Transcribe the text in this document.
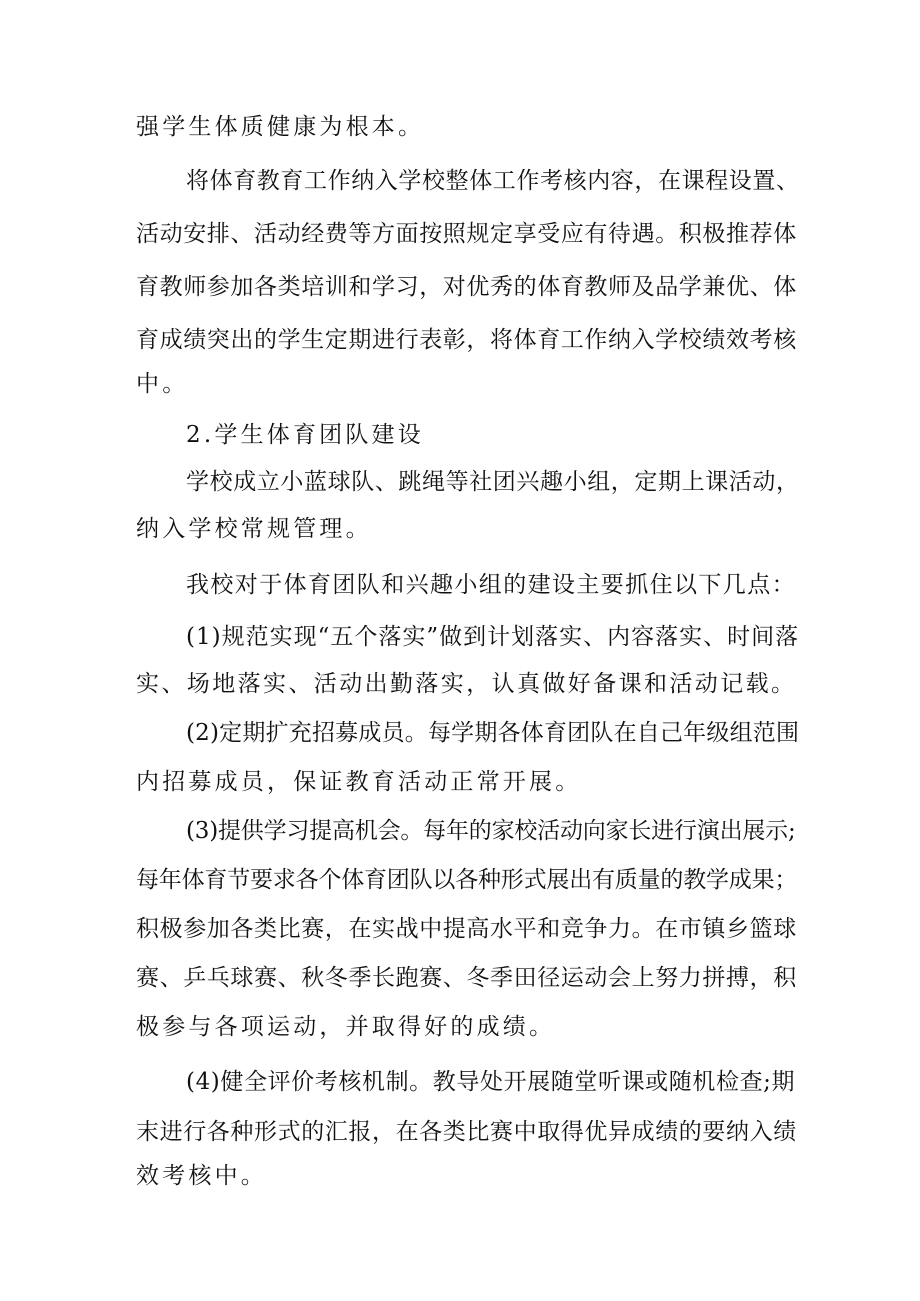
强学生体质健康为根本。
将体育教育工作纳入学校整体工作考核内容，在课程设置、
活动安排、活动经费等方面按照规定享受应有待遇。积极推荐体
育教师参加各类培训和学习，对优秀的体育教师及品学兼优、体
育成绩突出的学生定期进行表彰，将体育工作纳入学校绩效考核
中。
2.学生体育团队建设
学校成立小蓝球队、跳绳等社团兴趣小组，定期上课活动，
纳入学校常规管理。
我校对于体育团队和兴趣小组的建设主要抓住以下几点：
(1)规范实现“五个落实”做到计划落实、内容落实、时间落
实、场地落实、活动出勤落实，认真做好备课和活动记载。
(2)定期扩充招募成员。每学期各体育团队在自己年级组范围
内招募成员，保证教育活动正常开展。
(3)提供学习提高机会。每年的家校活动向家长进行演出展示;
每年体育节要求各个体育团队以各种形式展出有质量的教学成果；
积极参加各类比赛，在实战中提高水平和竞争力。在市镇乡篮球
赛、乒乓球赛、秋冬季长跑赛、冬季田径运动会上努力拼搏，积
极参与各项运动，并取得好的成绩。
(4)健全评价考核机制。教导处开展随堂听课或随机检查;期
末进行各种形式的汇报，在各类比赛中取得优异成绩的要纳入绩
效考核中。
